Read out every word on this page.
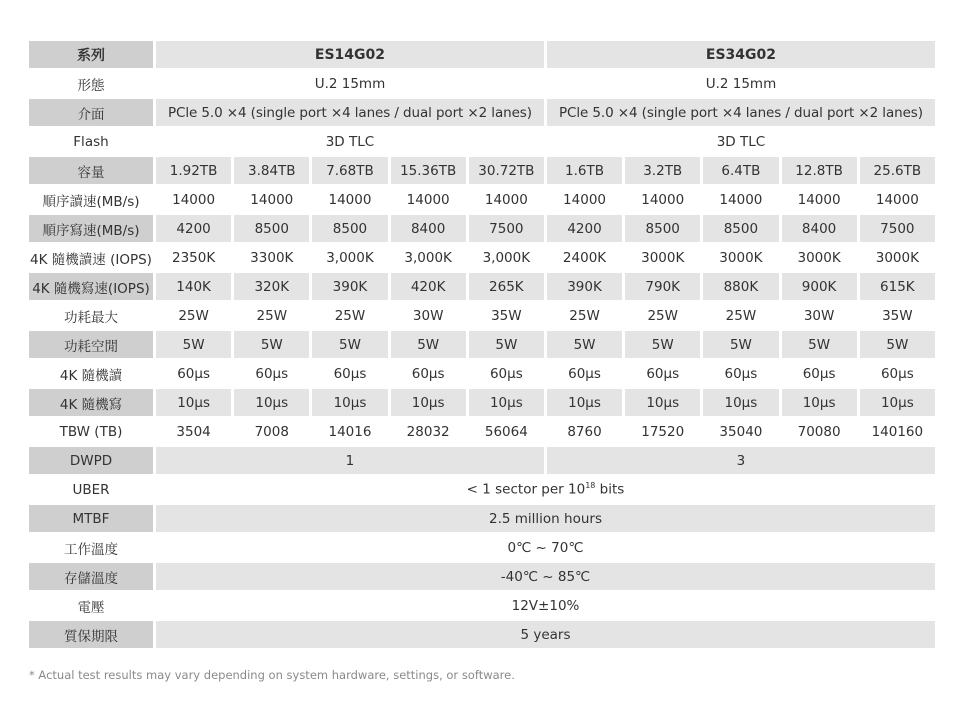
系列	ES14G02					ES34G02				
形態	U.2 15mm					U.2 15mm				
介面	PCle 5.0 ×4 (single port ×4 lanes / dual port ×2 lanes)					PCle 5.0 ×4 (single port ×4 lanes / dual port ×2 lanes)				
Flash	3D TLC					3D TLC				
容量	1.92TB	3.84TB	7.68TB	15.36TB	30.72TB	1.6TB	3.2TB	6.4TB	12.8TB	25.6TB
順序讀速(MB/s)	14000	14000	14000	14000	14000	14000	14000	14000	14000	14000
順序寫速(MB/s)	4200	8500	8500	8400	7500	4200	8500	8500	8400	7500
4K 隨機讀速 (IOPS)	2350K	3300K	3,000K	3,000K	3,000K	2400K	3000K	3000K	3000K	3000K
4K 隨機寫速(IOPS)	140K	320K	390K	420K	265K	390K	790K	880K	900K	615K
功耗最大	25W	25W	25W	30W	35W	25W	25W	25W	30W	35W
功耗空閒	5W	5W	5W	5W	5W	5W	5W	5W	5W	5W
4K 隨機讀	60μs	60μs	60μs	60μs	60μs	60μs	60μs	60μs	60μs	60μs
4K 隨機寫	10μs	10μs	10μs	10μs	10μs	10μs	10μs	10μs	10μs	10μs
TBW (TB)	3504	7008	14016	28032	56064	8760	17520	35040	70080	140160
DWPD	1					3				
UBER	< 1 sector per $10^{18}$ bits									
MTBF	2.5 million hours									
工作溫度	0℃ ~ 70℃									
存儲溫度	-40℃ ~ 85℃									
電壓	12V±10%									
質保期限	5 years									
* Actual test results may vary depending on system hardware, settings, or software.
